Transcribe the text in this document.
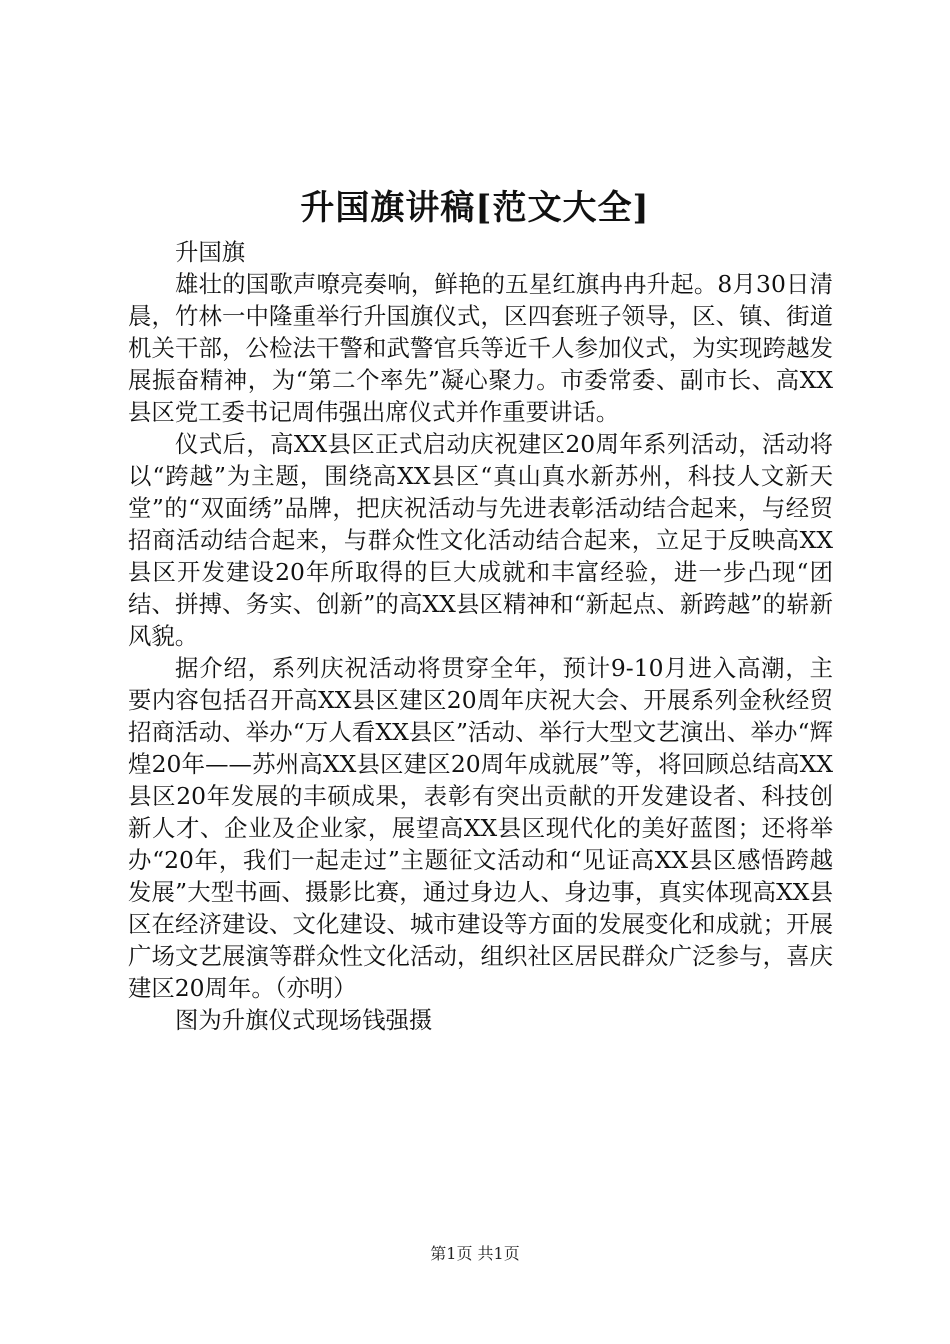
升国旗讲稿[范文大全]

升国旗

雄壮的国歌声嘹亮奏响，鲜艳的五星红旗冉冉升起。8月30日清晨，竹林一中隆重举行升国旗仪式，区四套班子领导，区、镇、街道机关干部，公检法干警和武警官兵等近千人参加仪式，为实现跨越发展振奋精神，为“第二个率先”凝心聚力。市委常委、副市长、高XX县区党工委书记周伟强出席仪式并作重要讲话。

仪式后，高XX县区正式启动庆祝建区20周年系列活动，活动将以“跨越”为主题，围绕高XX县区“真山真水新苏州，科技人文新天堂”的“双面绣”品牌，把庆祝活动与先进表彰活动结合起来，与经贸招商活动结合起来，与群众性文化活动结合起来，立足于反映高XX县区开发建设20年所取得的巨大成就和丰富经验，进一步凸现“团结、拼搏、务实、创新”的高XX县区精神和“新起点、新跨越”的崭新风貌。

据介绍，系列庆祝活动将贯穿全年，预计9-10月进入高潮，主要内容包括召开高XX县区建区20周年庆祝大会、开展系列金秋经贸招商活动、举办“万人看XX县区”活动、举行大型文艺演出、举办“辉煌20年——苏州高XX县区建区20周年成就展”等，将回顾总结高XX县区20年发展的丰硕成果，表彰有突出贡献的开发建设者、科技创新人才、企业及企业家，展望高XX县区现代化的美好蓝图；还将举办“20年，我们一起走过”主题征文活动和“见证高XX县区感悟跨越发展”大型书画、摄影比赛，通过身边人、身边事，真实体现高XX县区在经济建设、文化建设、城市建设等方面的发展变化和成就；开展广场文艺展演等群众性文化活动，组织社区居民群众广泛参与，喜庆建区20周年。（亦明）

图为升旗仪式现场钱强摄

第1页 共1页
